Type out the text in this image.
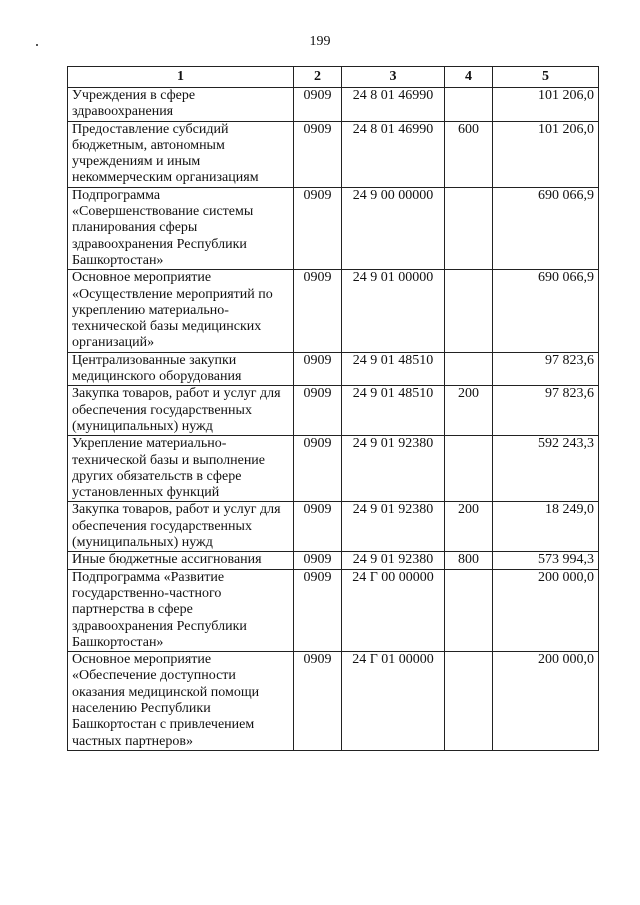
199
1	2	3	4	5
Учреждения в сфере здравоохранения	0909	24 8 01 46990		101 206,0
Предоставление субсидий бюджетным, автономным учреждениям и иным некоммерческим организациям	0909	24 8 01 46990	600	101 206,0
Подпрограмма «Совершенствование системы планирования сферы здравоохранения Республики Башкортостан»	0909	24 9 00 00000		690 066,9
Основное мероприятие «Осуществление мероприятий по укреплению материально-технической базы медицинских организаций»	0909	24 9 01 00000		690 066,9
Централизованные закупки медицинского оборудования	0909	24 9 01 48510		97 823,6
Закупка товаров, работ и услуг для обеспечения государственных (муниципальных) нужд	0909	24 9 01 48510	200	97 823,6
Укрепление материально-технической базы и выполнение других обязательств в сфере установленных функций	0909	24 9 01 92380		592 243,3
Закупка товаров, работ и услуг для обеспечения государственных (муниципальных) нужд	0909	24 9 01 92380	200	18 249,0
Иные бюджетные ассигнования	0909	24 9 01 92380	800	573 994,3
Подпрограмма «Развитие государственно-частного партнерства в сфере здравоохранения Республики Башкортостан»	0909	24 Г 00 00000		200 000,0
Основное мероприятие «Обеспечение доступности оказания медицинской помощи населению Республики Башкортостан с привлечением частных партнеров»	0909	24 Г 01 00000		200 000,0
